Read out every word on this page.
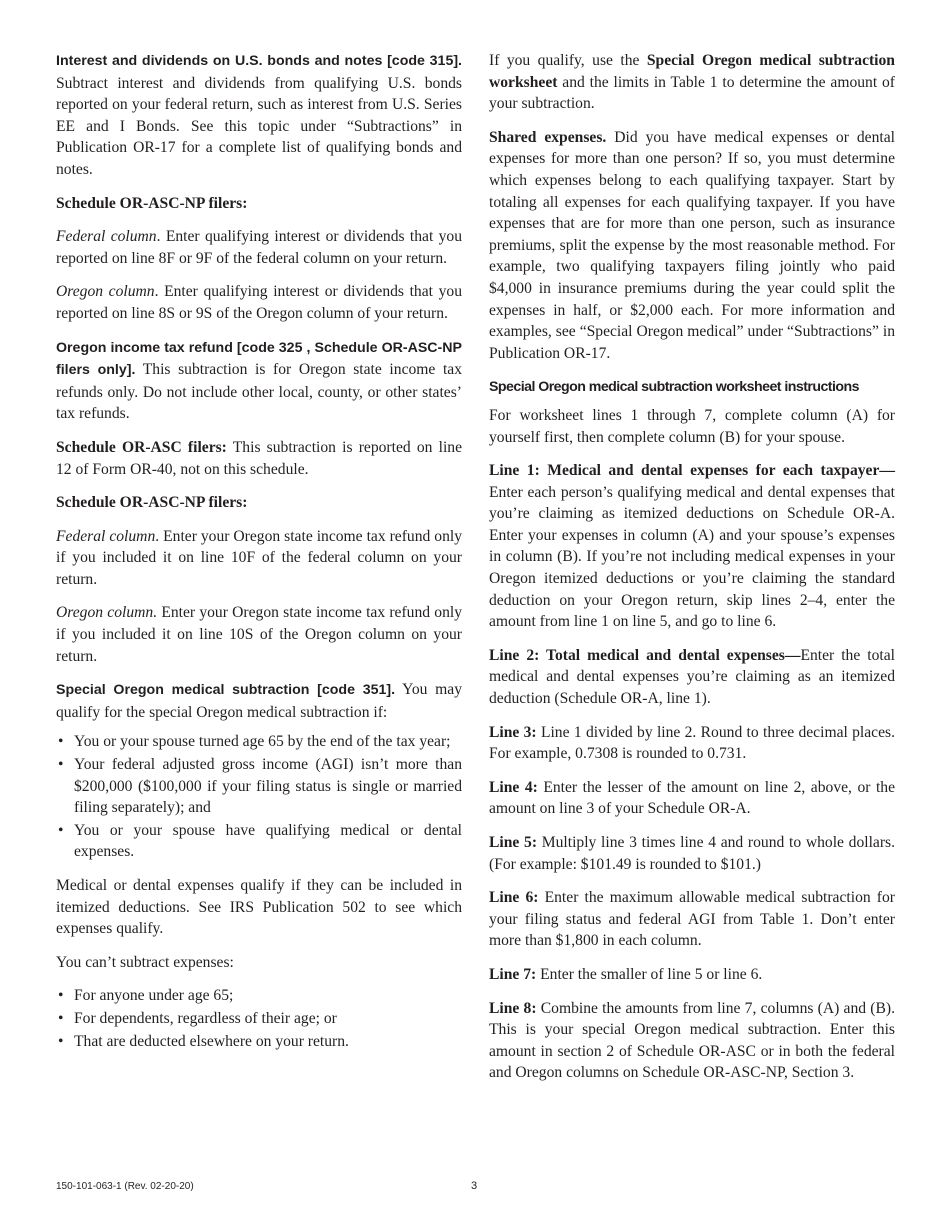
Interest and dividends on U.S. bonds and notes [code 315]. Subtract interest and dividends from qualifying U.S. bonds reported on your federal return, such as interest from U.S. Series EE and I Bonds. See this topic under “Subtractions” in Publication OR-17 for a complete list of qualifying bonds and notes.
Schedule OR-ASC-NP filers:
Federal column. Enter qualifying interest or dividends that you reported on line 8F or 9F of the federal column on your return.
Oregon column. Enter qualifying interest or dividends that you reported on line 8S or 9S of the Oregon column of your return.
Oregon income tax refund [code 325 , Schedule OR-ASC-NP filers only]. This subtraction is for Oregon state income tax refunds only. Do not include other local, county, or other states’ tax refunds.
Schedule OR-ASC filers: This subtraction is reported on line 12 of Form OR-40, not on this schedule.
Schedule OR-ASC-NP filers:
Federal column. Enter your Oregon state income tax refund only if you included it on line 10F of the federal column on your return.
Oregon column. Enter your Oregon state income tax refund only if you included it on line 10S of the Oregon column on your return.
Special Oregon medical subtraction [code 351]. You may qualify for the special Oregon medical subtraction if:
• You or your spouse turned age 65 by the end of the tax year;
• Your federal adjusted gross income (AGI) isn’t more than $200,000 ($100,000 if your filing status is single or married filing separately); and
• You or your spouse have qualifying medical or dental expenses.
Medical or dental expenses qualify if they can be included in itemized deductions. See IRS Publication 502 to see which expenses qualify.
You can’t subtract expenses:
• For anyone under age 65;
• For dependents, regardless of their age; or
• That are deducted elsewhere on your return.
If you qualify, use the Special Oregon medical subtraction worksheet and the limits in Table 1 to determine the amount of your subtraction.
Shared expenses. Did you have medical expenses or dental expenses for more than one person? If so, you must determine which expenses belong to each qualifying taxpayer. Start by totaling all expenses for each qualifying taxpayer. If you have expenses that are for more than one person, such as insurance premiums, split the expense by the most reasonable method. For example, two qualifying taxpayers filing jointly who paid $4,000 in insurance premiums during the year could split the expenses in half, or $2,000 each. For more information and examples, see “Special Oregon medical” under “Subtractions” in Publication OR-17.
Special Oregon medical subtraction worksheet instructions
For worksheet lines 1 through 7, complete column (A) for yourself first, then complete column (B) for your spouse.
Line 1: Medical and dental expenses for each taxpayer— Enter each person’s qualifying medical and dental expenses that you’re claiming as itemized deductions on Schedule OR-A. Enter your expenses in column (A) and your spouse’s expenses in column (B). If you’re not including medical expenses in your Oregon itemized deductions or you’re claiming the standard deduction on your Oregon return, skip lines 2–4, enter the amount from line 1 on line 5, and go to line 6.
Line 2: Total medical and dental expenses—Enter the total medical and dental expenses you’re claiming as an itemized deduction (Schedule OR-A, line 1).
Line 3: Line 1 divided by line 2. Round to three decimal places. For example, 0.7308 is rounded to 0.731.
Line 4: Enter the lesser of the amount on line 2, above, or the amount on line 3 of your Schedule OR-A.
Line 5: Multiply line 3 times line 4 and round to whole dollars. (For example: $101.49 is rounded to $101.)
Line 6: Enter the maximum allowable medical subtraction for your filing status and federal AGI from Table 1. Don’t enter more than $1,800 in each column.
Line 7: Enter the smaller of line 5 or line 6.
Line 8: Combine the amounts from line 7, columns (A) and (B). This is your special Oregon medical subtraction. Enter this amount in section 2 of Schedule OR-ASC or in both the federal and Oregon columns on Schedule OR-ASC-NP, Section 3.
150-101-063-1 (Rev. 02-20-20)	3
